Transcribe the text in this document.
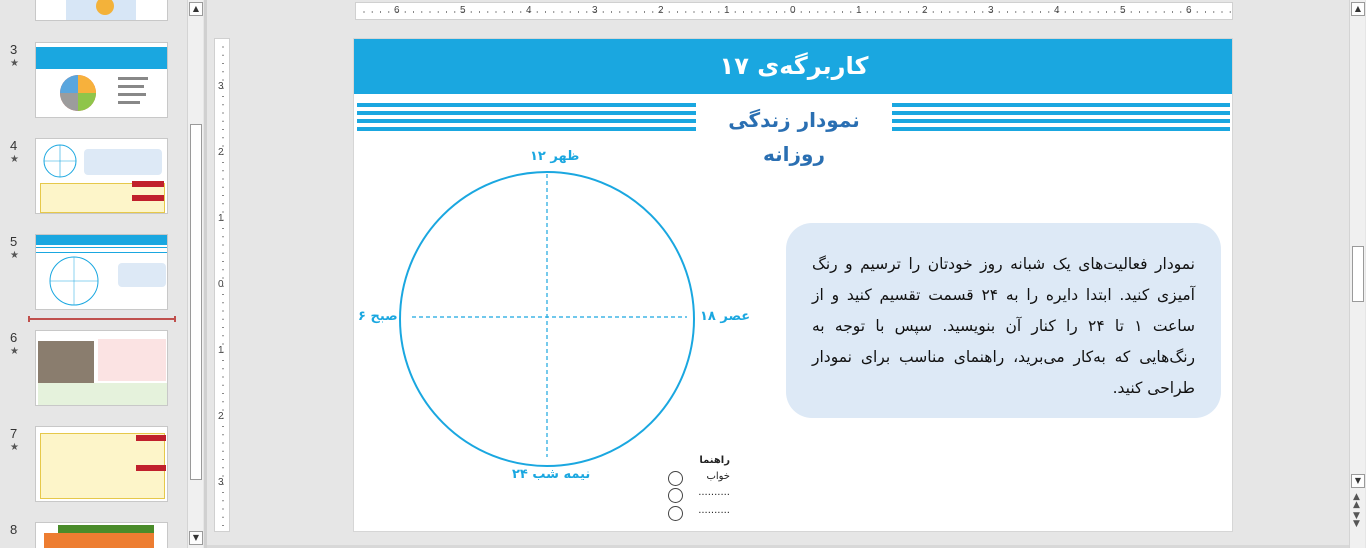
3
★
4
★
5
★
6
★
7
★
8
▲
▼
6	5	4	3	2	1	0	1	2	3	4	5	6
3
2
1
0
1
2
3
کاربرگه‌ی ۱۷
نمودار زندگی روزانه
۱۲ ظهر
۶ صبح	۱۸ عصر
۲۴ نیمه شب
نمودار فعالیت‌های یک شبانه روز خودتان را ترسیم و رنگ آمیزی کنید. ابتدا دایره را به ۲۴ قسمت تقسیم کنید و از ساعت ۱ تا ۲۴ را کنار آن بنویسید. سپس با توجه به رنگ‌هایی که به‌کار می‌برید، راهنمای مناسب برای نمودار طراحی کنید.
راهنما
خواب
..........
..........
▲
▼
▲
▲
▼
▼
